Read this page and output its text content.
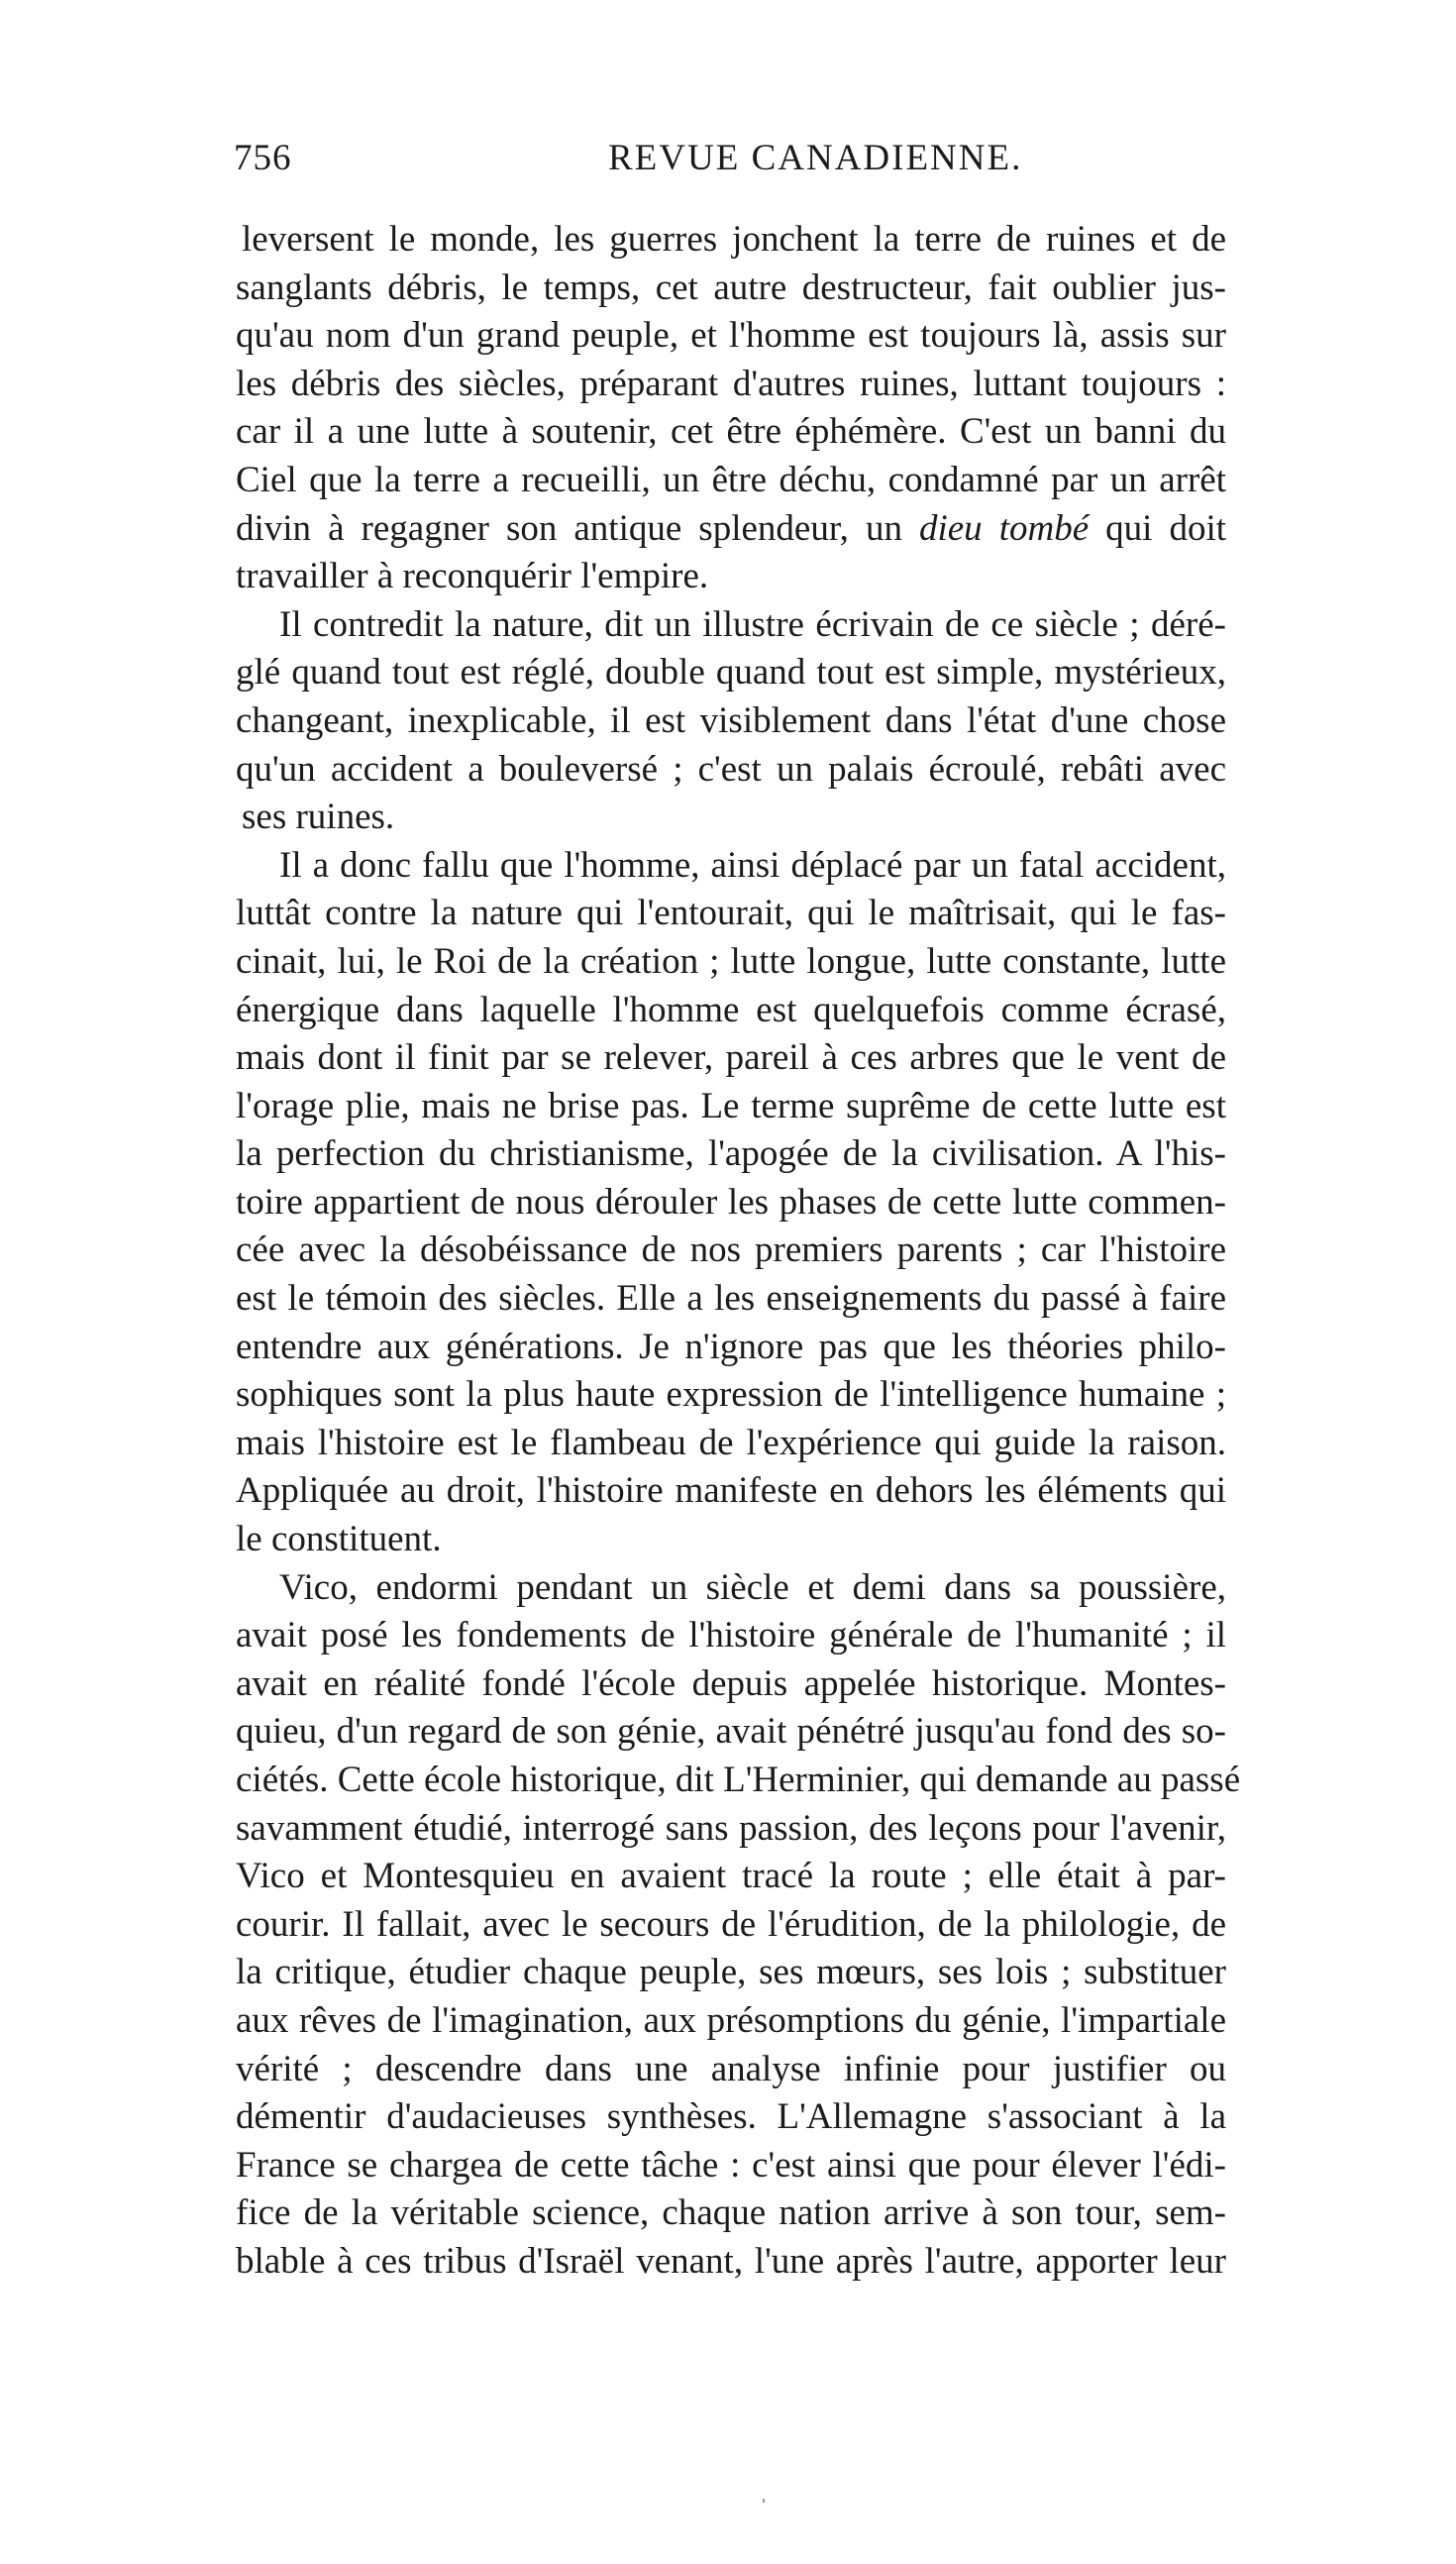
756	REVUE CANADIENNE.
leversent le monde, les guerres jonchent la terre de ruines et de
sanglants débris, le temps, cet autre destructeur, fait oublier jus-
qu'au nom d'un grand peuple, et l'homme est toujours là, assis sur
les débris des siècles, préparant d'autres ruines, luttant toujours :
car il a une lutte à soutenir, cet être éphémère. C'est un banni du
Ciel que la terre a recueilli, un être déchu, condamné par un arrêt
divin à regagner son antique splendeur, un dieu tombé qui doit
travailler à reconquérir l'empire.
Il contredit la nature, dit un illustre écrivain de ce siècle ; déré-
glé quand tout est réglé, double quand tout est simple, mystérieux,
changeant, inexplicable, il est visiblement dans l'état d'une chose
qu'un accident a bouleversé ; c'est un palais écroulé, rebâti avec
ses ruines.
Il a donc fallu que l'homme, ainsi déplacé par un fatal accident,
luttât contre la nature qui l'entourait, qui le maîtrisait, qui le fas-
cinait, lui, le Roi de la création ; lutte longue, lutte constante, lutte
énergique dans laquelle l'homme est quelquefois comme écrasé,
mais dont il finit par se relever, pareil à ces arbres que le vent de
l'orage plie, mais ne brise pas. Le terme suprême de cette lutte est
la perfection du christianisme, l'apogée de la civilisation. A l'his-
toire appartient de nous dérouler les phases de cette lutte commen-
cée avec la désobéissance de nos premiers parents ; car l'histoire
est le témoin des siècles. Elle a les enseignements du passé à faire
entendre aux générations. Je n'ignore pas que les théories philo-
sophiques sont la plus haute expression de l'intelligence humaine ;
mais l'histoire est le flambeau de l'expérience qui guide la raison.
Appliquée au droit, l'histoire manifeste en dehors les éléments qui
le constituent.
Vico, endormi pendant un siècle et demi dans sa poussière,
avait posé les fondements de l'histoire générale de l'humanité ; il
avait en réalité fondé l'école depuis appelée historique. Montes-
quieu, d'un regard de son génie, avait pénétré jusqu'au fond des so-
ciétés. Cette école historique, dit L'Herminier, qui demande au passé
savamment étudié, interrogé sans passion, des leçons pour l'avenir,
Vico et Montesquieu en avaient tracé la route ; elle était à par-
courir. Il fallait, avec le secours de l'érudition, de la philologie, de
la critique, étudier chaque peuple, ses mœurs, ses lois ; substituer
aux rêves de l'imagination, aux présomptions du génie, l'impartiale
vérité ; descendre dans une analyse infinie pour justifier ou
démentir d'audacieuses synthèses. L'Allemagne s'associant à la
France se chargea de cette tâche : c'est ainsi que pour élever l'édi-
fice de la véritable science, chaque nation arrive à son tour, sem-
blable à ces tribus d'Israël venant, l'une après l'autre, apporter leur
